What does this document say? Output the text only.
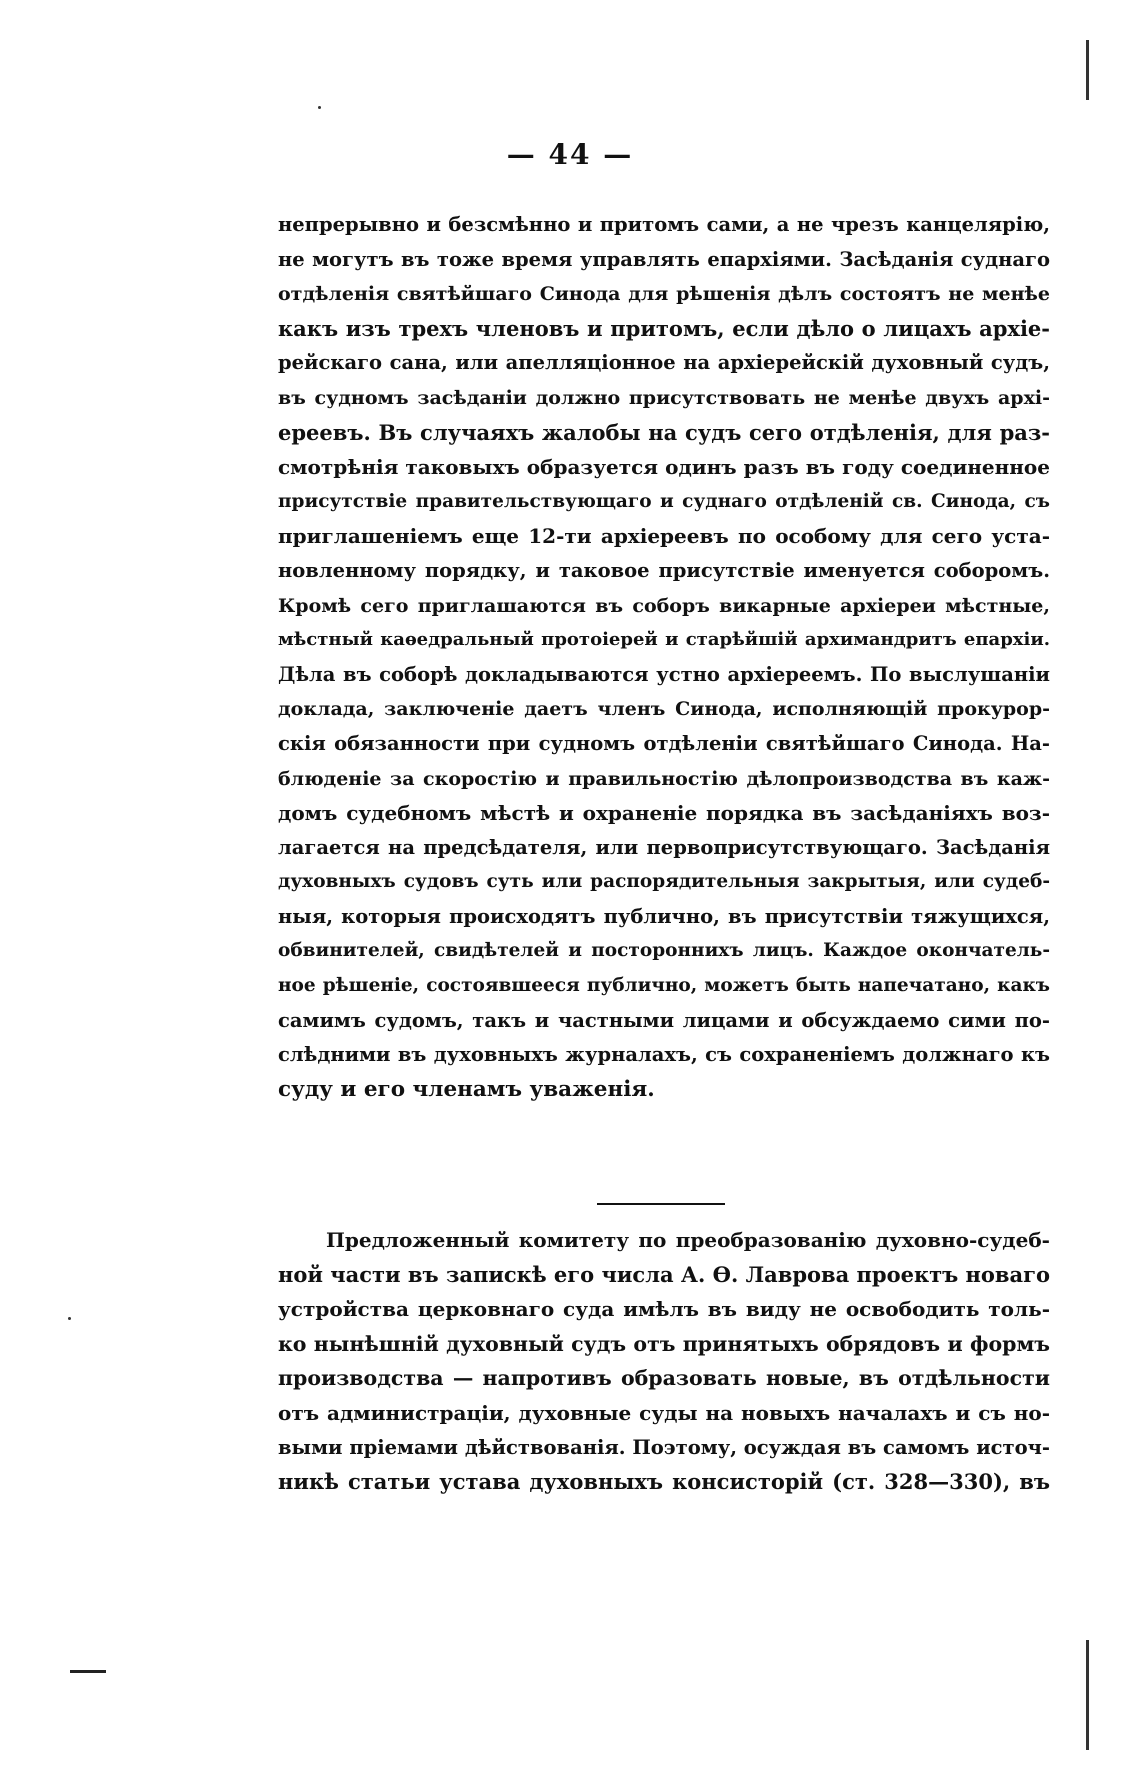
— 44 —
непрерывно и безсмѣнно и притомъ сами, а не чрезъ канцелярію,
не могутъ въ тоже время управлять епархіями. Засѣданія суднаго
отдѣленія святѣйшаго Синода для рѣшенія дѣлъ состоятъ не менѣе
какъ изъ трехъ членовъ и притомъ, если дѣло о лицахъ архіе-
рейскаго сана, или апелляціонное на архіерейскій духовный судъ,
въ судномъ засѣданіи должно присутствовать не менѣе двухъ архі-
ереевъ. Въ случаяхъ жалобы на судъ сего отдѣленія, для раз-
смотрѣнія таковыхъ образуется одинъ разъ въ году соединенное
присутствіе правительствующаго и суднаго отдѣленій св. Синода, съ
приглашеніемъ еще 12-ти архіереевъ по особому для сего уста-
новленному порядку, и таковое присутствіе именуется соборомъ.
Кромѣ сего приглашаются въ соборъ викарные архіереи мѣстные,
мѣстный каѳедральный протоіерей и старѣйшій архимандритъ епархіи.
Дѣла въ соборѣ докладываются устно архіереемъ. По выслушаніи
доклада, заключеніе даетъ членъ Синода, исполняющій прокурор-
скія обязанности при судномъ отдѣленіи святѣйшаго Синода. На-
блюденіе за скоростію и правильностію дѣлопроизводства въ каж-
домъ судебномъ мѣстѣ и охраненіе порядка въ засѣданіяхъ воз-
лагается на предсѣдателя, или первоприсутствующаго. Засѣданія
духовныхъ судовъ суть или распорядительныя закрытыя, или судеб-
ныя, которыя происходятъ публично, въ присутствіи тяжущихся,
обвинителей, свидѣтелей и постороннихъ лицъ. Каждое окончатель-
ное рѣшеніе, состоявшееся публично, можетъ быть напечатано, какъ
самимъ судомъ, такъ и частными лицами и обсуждаемо сими по-
слѣдними въ духовныхъ журналахъ, съ сохраненіемъ должнаго къ
суду и его членамъ уваженія.
Предложенный комитету по преобразованію духовно-судеб-
ной части въ запискѣ его числа А. Ѳ. Лаврова проектъ новаго
устройства церковнаго суда имѣлъ въ виду не освободить толь-
ко нынѣшній духовный судъ отъ принятыхъ обрядовъ и формъ
производства — напротивъ образовать новые, въ отдѣльности
отъ администраціи, духовные суды на новыхъ началахъ и съ но-
выми пріемами дѣйствованія. Поэтому, осуждая въ самомъ источ-
никѣ статьи устава духовныхъ консисторій (ст. 328—330), въ
